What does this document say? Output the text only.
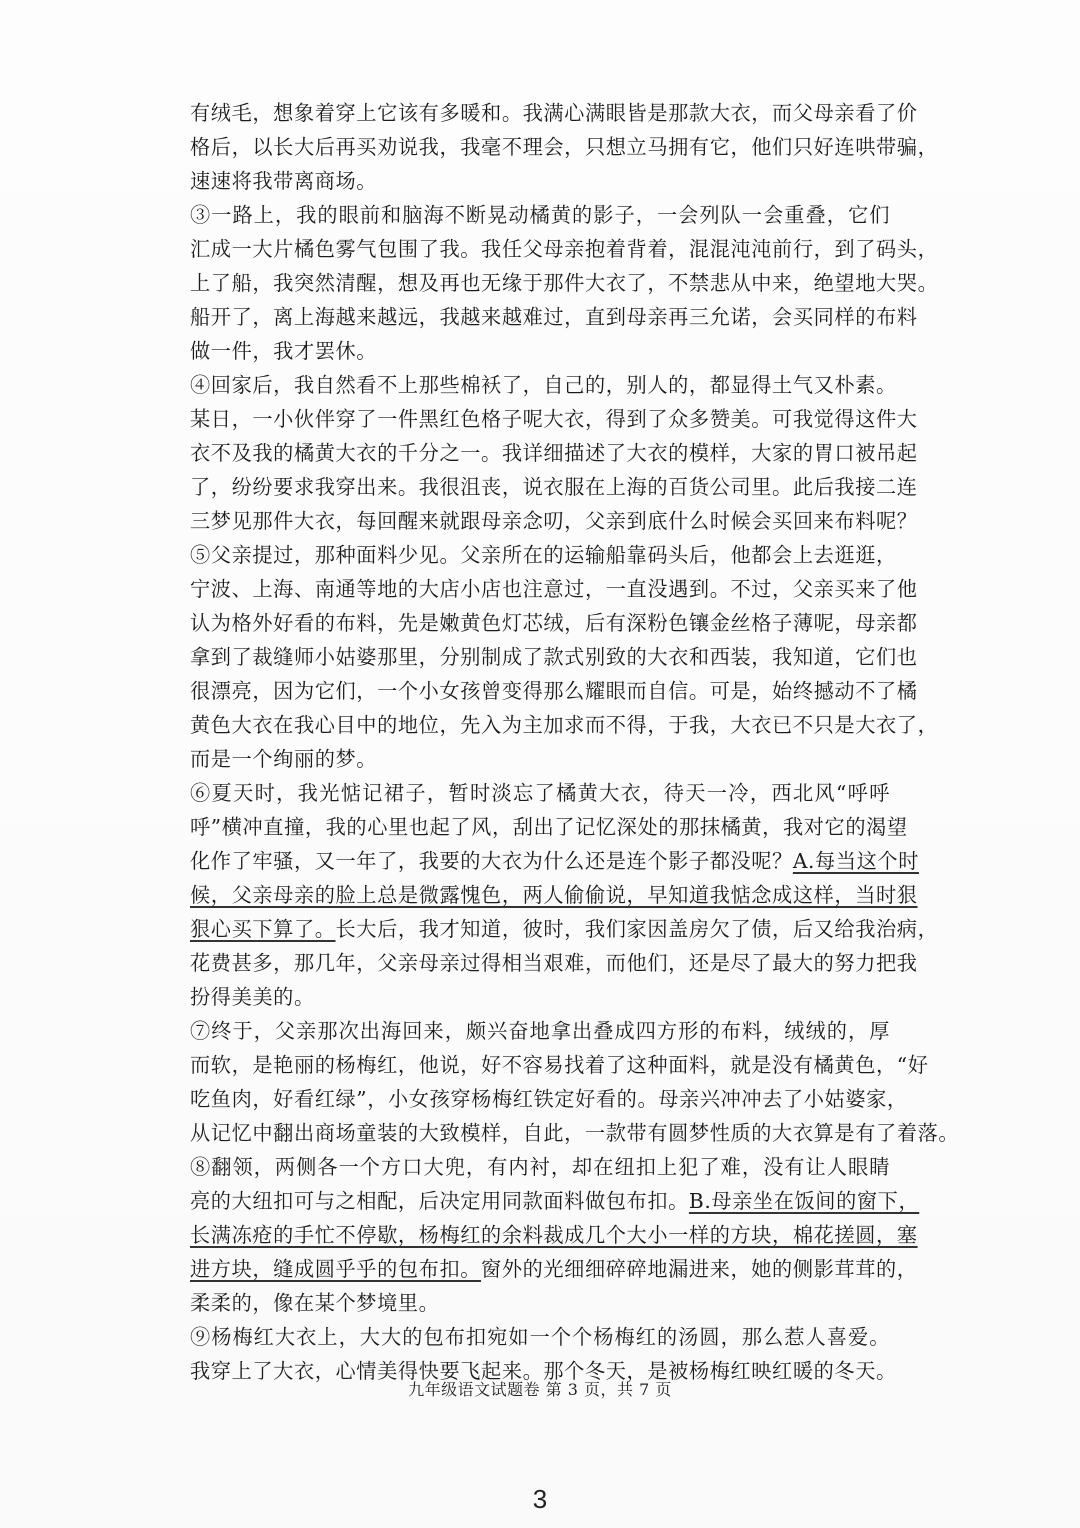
有绒毛，想象着穿上它该有多暖和。我满心满眼皆是那款大衣，而父母亲看了价
格后，以长大后再买劝说我，我毫不理会，只想立马拥有它，他们只好连哄带骗，
速速将我带离商场。
③一路上，我的眼前和脑海不断晃动橘黄的影子，一会列队一会重叠，它们
汇成一大片橘色雾气包围了我。我任父母亲抱着背着，混混沌沌前行，到了码头，
上了船，我突然清醒，想及再也无缘于那件大衣了，不禁悲从中来，绝望地大哭。
船开了，离上海越来越远，我越来越难过，直到母亲再三允诺，会买同样的布料
做一件，我才罢休。
④回家后，我自然看不上那些棉袄了，自己的，别人的，都显得土气又朴素。
某日，一小伙伴穿了一件黑红色格子呢大衣，得到了众多赞美。可我觉得这件大
衣不及我的橘黄大衣的千分之一。我详细描述了大衣的模样，大家的胃口被吊起
了，纷纷要求我穿出来。我很沮丧，说衣服在上海的百货公司里。此后我接二连
三梦见那件大衣，每回醒来就跟母亲念叨，父亲到底什么时候会买回来布料呢？
⑤父亲提过，那种面料少见。父亲所在的运输船靠码头后，他都会上去逛逛，
宁波、上海、南通等地的大店小店也注意过，一直没遇到。不过，父亲买来了他
认为格外好看的布料，先是嫩黄色灯芯绒，后有深粉色镶金丝格子薄呢，母亲都
拿到了裁缝师小姑婆那里，分别制成了款式别致的大衣和西装，我知道，它们也
很漂亮，因为它们，一个小女孩曾变得那么耀眼而自信。可是，始终撼动不了橘
黄色大衣在我心目中的地位，先入为主加求而不得，于我，大衣已不只是大衣了，
而是一个绚丽的梦。
⑥夏天时，我光惦记裙子，暂时淡忘了橘黄大衣，待天一冷，西北风“呼呼
呼”横冲直撞，我的心里也起了风，刮出了记忆深处的那抹橘黄，我对它的渴望
化作了牢骚，又一年了，我要的大衣为什么还是连个影子都没呢？A.每当这个时
候，父亲母亲的脸上总是微露愧色，两人偷偷说，早知道我惦念成这样，当时狠
狠心买下算了。长大后，我才知道，彼时，我们家因盖房欠了债，后又给我治病，
花费甚多，那几年，父亲母亲过得相当艰难，而他们，还是尽了最大的努力把我
扮得美美的。
⑦终于，父亲那次出海回来，颇兴奋地拿出叠成四方形的布料，绒绒的，厚
而软，是艳丽的杨梅红，他说，好不容易找着了这种面料，就是没有橘黄色，“好
吃鱼肉，好看红绿”，小女孩穿杨梅红铁定好看的。母亲兴冲冲去了小姑婆家，
从记忆中翻出商场童装的大致模样，自此，一款带有圆梦性质的大衣算是有了着落。
⑧翻领，两侧各一个方口大兜，有内衬，却在纽扣上犯了难，没有让人眼睛
亮的大纽扣可与之相配，后决定用同款面料做包布扣。B.母亲坐在饭间的窗下，
长满冻疮的手忙不停歇，杨梅红的余料裁成几个大小一样的方块，棉花搓圆，塞
进方块，缝成圆乎乎的包布扣。窗外的光细细碎碎地漏进来，她的侧影茸茸的，
柔柔的，像在某个梦境里。
⑨杨梅红大衣上，大大的包布扣宛如一个个杨梅红的汤圆，那么惹人喜爱。
我穿上了大衣，心情美得快要飞起来。那个冬天，是被杨梅红映红暖的冬天。
九年级语文试题卷 第 3 页，共 7 页
3
